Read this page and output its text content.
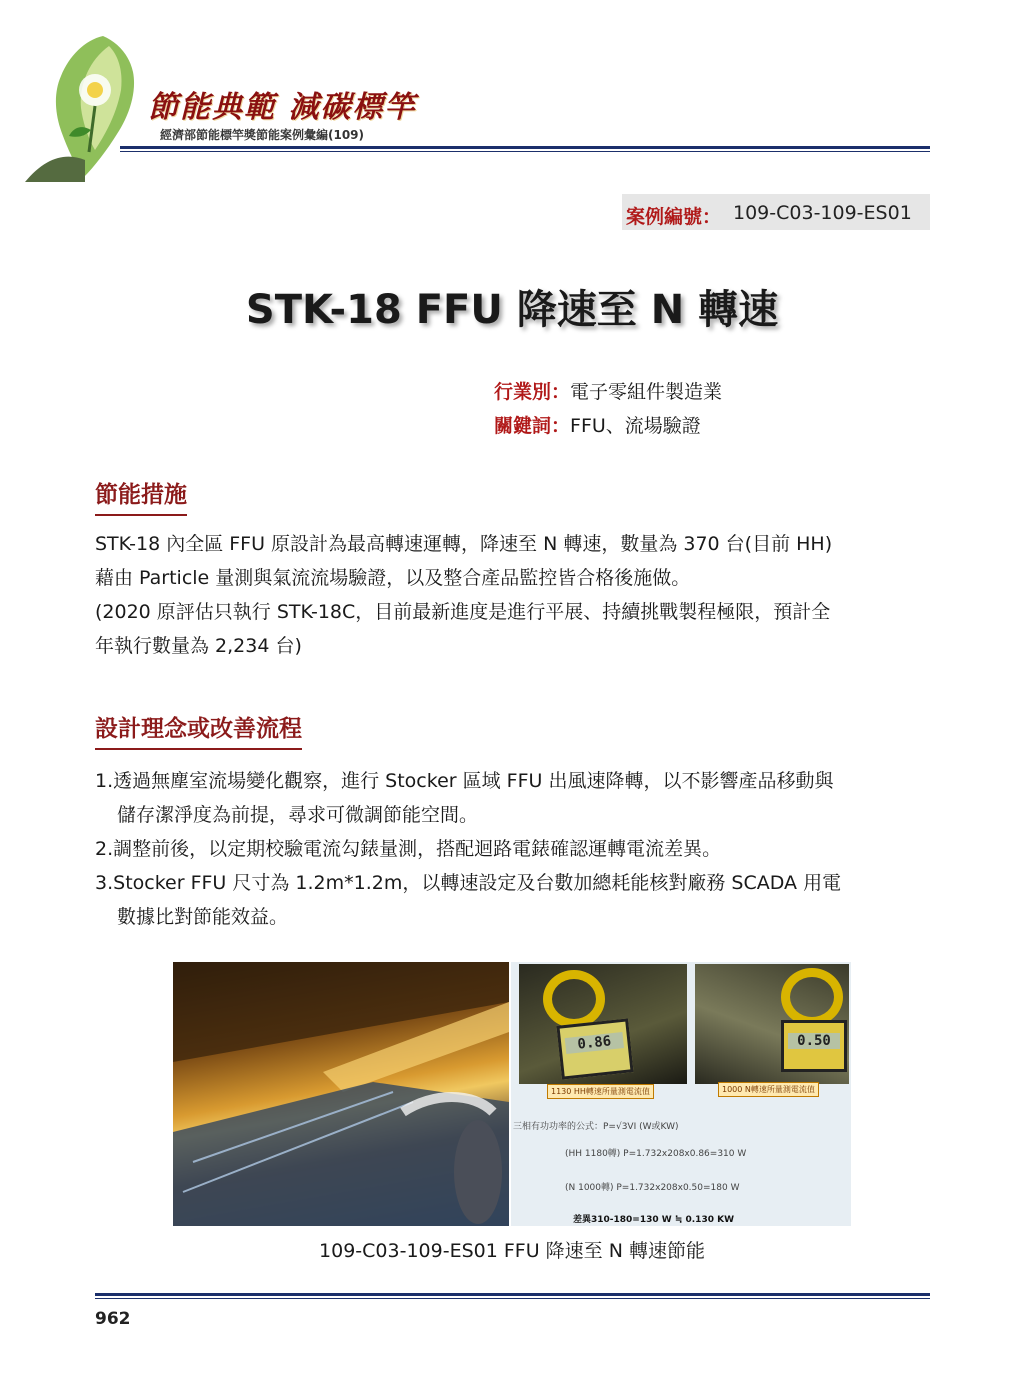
節能典範 減碳標竿
經濟部節能標竿獎節能案例彙編(109)
案例編號： 109-C03-109-ES01
STK-18 FFU 降速至 N 轉速
行業別：電子零組件製造業
關鍵詞：FFU、流場驗證
節能措施

STK-18 內全區 FFU 原設計為最高轉速運轉，降速至 N 轉速，數量為 370 台(目前 HH)

藉由 Particle 量測與氣流流場驗證，以及整合產品監控皆合格後施做。

(2020 原評估只執行 STK-18C，目前最新進度是進行平展、持續挑戰製程極限，預計全

年執行數量為 2,234 台)

設計理念或改善流程
1.透過無塵室流場變化觀察，進行 Stocker 區域 FFU 出風速降轉，以不影響產品移動與
儲存潔淨度為前提，尋求可微調節能空間。
2.調整前後，以定期校驗電流勾錶量測，搭配迴路電錶確認運轉電流差異。
3.Stocker FFU 尺寸為 1.2m*1.2m，以轉速設定及台數加總耗能核對廠務 SCADA 用電
數據比對節能效益。
0.86	0.50
1130 HH轉速所量測電流值	1000 N轉速所量測電流值
三相有功功率的公式：P=√3VI (W或KW)
(HH 1180轉) P=1.732x208x0.86=310 W
(N 1000轉) P=1.732x208x0.50=180 W
差異310-180=130 W ≒ 0.130 KW
109-C03-109-ES01 FFU 降速至 N 轉速節能
962
